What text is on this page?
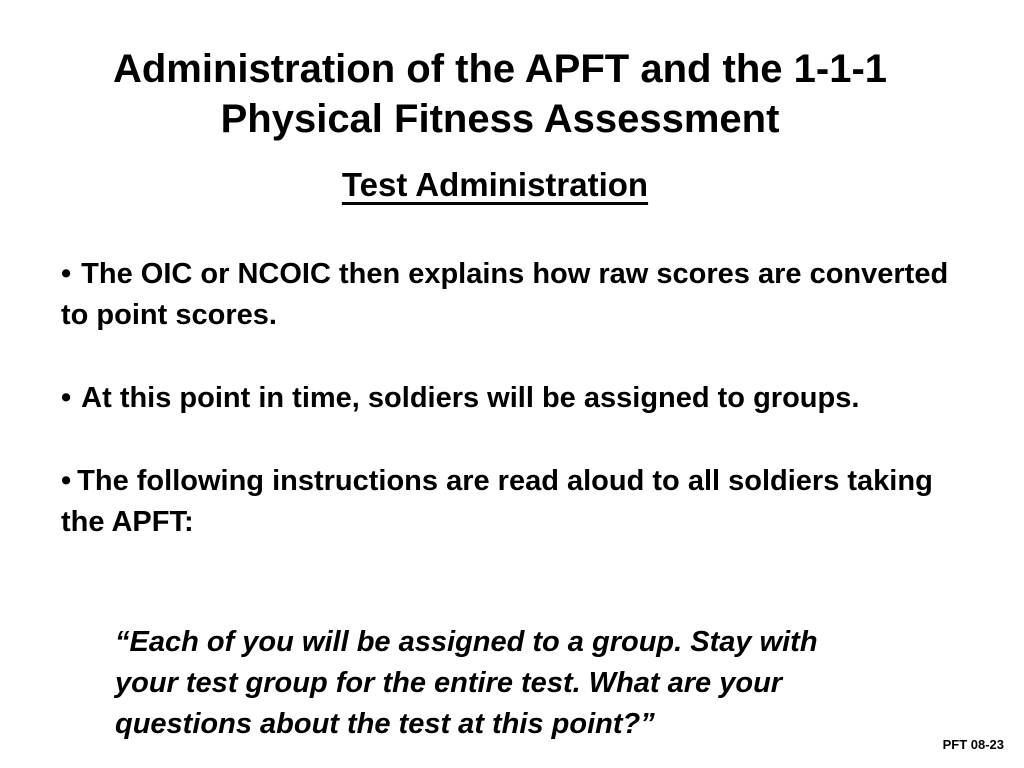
Administration of the APFT and the 1-1-1
Physical Fitness Assessment
Test Administration
• The OIC or NCOIC then explains how raw scores are converted to point scores.
• At this point in time, soldiers will be assigned to groups.
• The following instructions are read aloud to all soldiers taking the APFT:
“Each of you will be assigned to a group. Stay with
your test group for the entire test. What are your
questions about the test at this point?”
PFT 08-23
